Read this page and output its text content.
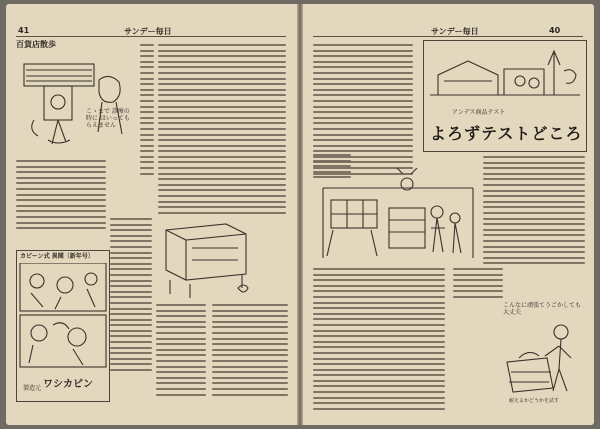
41	サンデー毎日
百貨店散歩
こゝまで 診療の時に はいってもらえません
カビーン式 異聞〔新年号〕
製造元 ワシカビン
サンデー毎日	40
アンデス商品テスト
よろずテストどころ
こんなに頑張てうごかしても大丈夫
耐えるかどうかを試す
